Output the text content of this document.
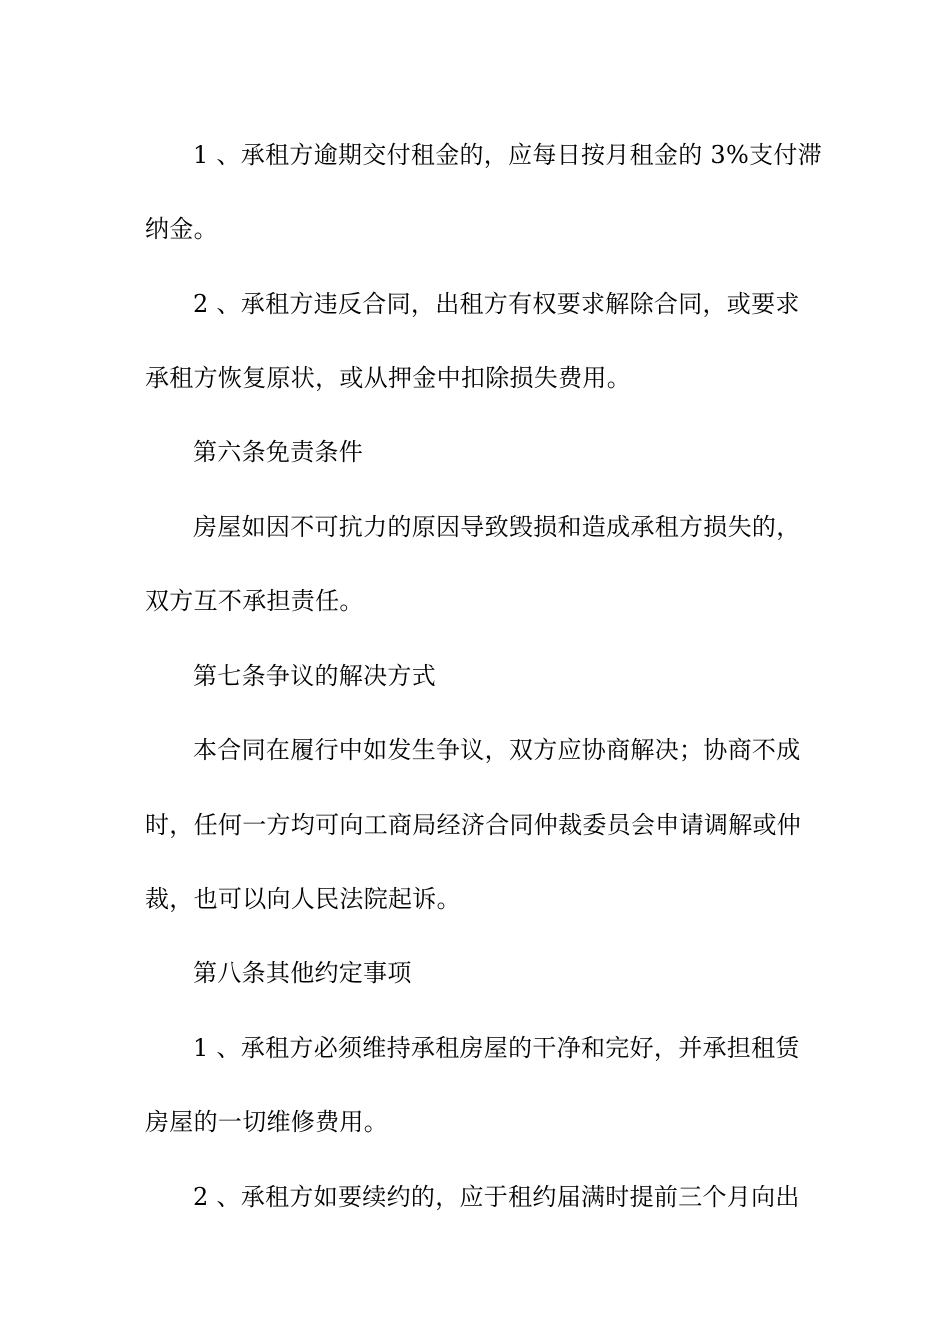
1 、承租方逾期交付租金的，应每日按月租金的 3%支付滞
纳金。
2 、承租方违反合同，出租方有权要求解除合同，或要求
承租方恢复原状，或从押金中扣除损失费用。
第六条免责条件
房屋如因不可抗力的原因导致毁损和造成承租方损失的，
双方互不承担责任。
第七条争议的解决方式
本合同在履行中如发生争议，双方应协商解决；协商不成
时，任何一方均可向工商局经济合同仲裁委员会申请调解或仲
裁，也可以向人民法院起诉。
第八条其他约定事项
1 、承租方必须维持承租房屋的干净和完好，并承担租赁
房屋的一切维修费用。
2 、承租方如要续约的，应于租约届满时提前三个月向出
